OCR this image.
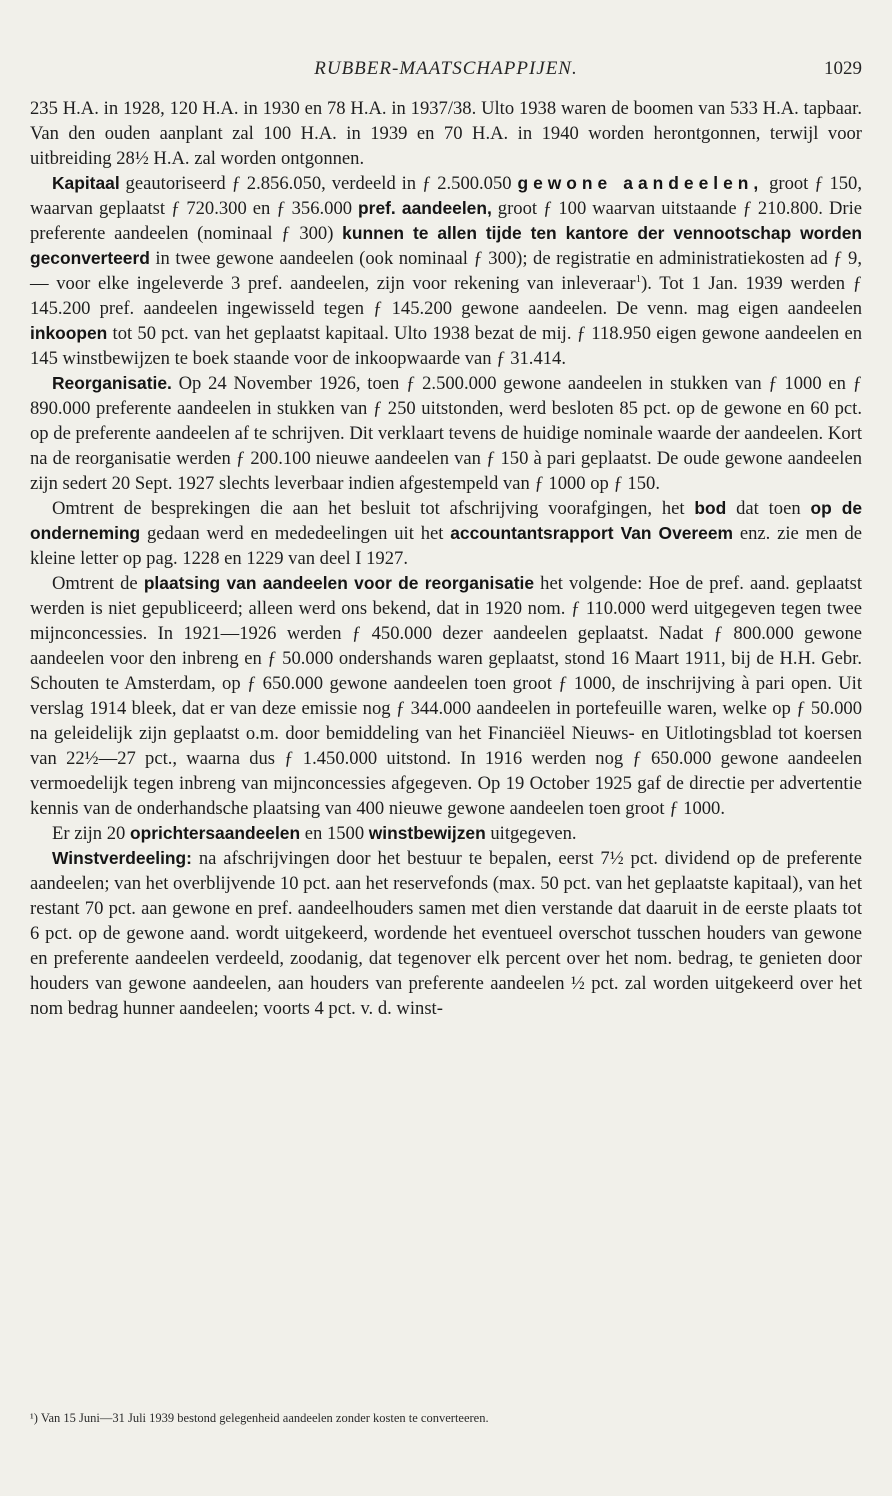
RUBBER-MAATSCHAPPIJEN.	1029

235 H.A. in 1928, 120 H.A. in 1930 en 78 H.A. in 1937/38. Ulto 1938 waren de boomen van 533 H.A. tapbaar. Van den ouden aanplant zal 100 H.A. in 1939 en 70 H.A. in 1940 worden herontgonnen, terwijl voor uitbreiding 28½ H.A. zal worden ontgonnen.

Kapitaal geautoriseerd ƒ 2.856.050, verdeeld in ƒ 2.500.050 gewone aandeelen, groot ƒ 150, waarvan geplaatst ƒ 720.300 en ƒ 356.000 pref. aandeelen, groot ƒ 100 waarvan uitstaande ƒ 210.800. Drie preferente aandeelen (nominaal ƒ 300) kunnen te allen tijde ten kantore der vennootschap worden geconverteerd in twee gewone aandeelen (ook nominaal ƒ 300); de registratie en administratiekosten ad ƒ 9,— voor elke ingeleverde 3 pref. aandeelen, zijn voor rekening van inleveraar$^1$). Tot 1 Jan. 1939 werden ƒ 145.200 pref. aandeelen ingewisseld tegen ƒ 145.200 gewone aandeelen. De venn. mag eigen aandeelen inkoopen tot 50 pct. van het geplaatst kapitaal. Ulto 1938 bezat de mij. ƒ 118.950 eigen gewone aandeelen en 145 winstbewijzen te boek staande voor de inkoopwaarde van ƒ 31.414.

Reorganisatie. Op 24 November 1926, toen ƒ 2.500.000 gewone aandeelen in stukken van ƒ 1000 en ƒ 890.000 preferente aandeelen in stukken van ƒ 250 uitstonden, werd besloten 85 pct. op de gewone en 60 pct. op de preferente aandeelen af te schrijven. Dit verklaart tevens de huidige nominale waarde der aandeelen. Kort na de reorganisatie werden ƒ 200.100 nieuwe aandeelen van ƒ 150 à pari geplaatst. De oude gewone aandeelen zijn sedert 20 Sept. 1927 slechts leverbaar indien afgestempeld van ƒ 1000 op ƒ 150.

Omtrent de besprekingen die aan het besluit tot afschrijving voorafgingen, het bod dat toen op de onderneming gedaan werd en mededeelingen uit het accountantsrapport Van Overeem enz. zie men de kleine letter op pag. 1228 en 1229 van deel I 1927.

Omtrent de plaatsing van aandeelen voor de reorganisatie het volgende: Hoe de pref. aand. geplaatst werden is niet gepubliceerd; alleen werd ons bekend, dat in 1920 nom. ƒ 110.000 werd uitgegeven tegen twee mijnconcessies. In 1921—1926 werden ƒ 450.000 dezer aandeelen geplaatst. Nadat ƒ 800.000 gewone aandeelen voor den inbreng en ƒ 50.000 ondershands waren geplaatst, stond 16 Maart 1911, bij de H.H. Gebr. Schouten te Amsterdam, op ƒ 650.000 gewone aandeelen toen groot ƒ 1000, de inschrijving à pari open. Uit verslag 1914 bleek, dat er van deze emissie nog ƒ 344.000 aandeelen in portefeuille waren, welke op ƒ 50.000 na geleidelijk zijn geplaatst o.m. door bemiddeling van het Financiëel Nieuws- en Uitlotingsblad tot koersen van 22½—27 pct., waarna dus ƒ 1.450.000 uitstond. In 1916 werden nog ƒ 650.000 gewone aandeelen vermoedelijk tegen inbreng van mijnconcessies afgegeven. Op 19 October 1925 gaf de directie per advertentie kennis van de onderhandsche plaatsing van 400 nieuwe gewone aandeelen toen groot ƒ 1000.

Er zijn 20 oprichtersaandeelen en 1500 winstbewijzen uitgegeven.

Winstverdeeling: na afschrijvingen door het bestuur te bepalen, eerst 7½ pct. dividend op de preferente aandeelen; van het overblijvende 10 pct. aan het reservefonds (max. 50 pct. van het geplaatste kapitaal), van het restant 70 pct. aan gewone en pref. aandeelhouders samen met dien verstande dat daaruit in de eerste plaats tot 6 pct. op de gewone aand. wordt uitgekeerd, wordende het eventueel overschot tusschen houders van gewone en preferente aandeelen verdeeld, zoodanig, dat tegenover elk percent over het nom. bedrag, te genieten door houders van gewone aandeelen, aan houders van preferente aandeelen ½ pct. zal worden uitgekeerd over het nom bedrag hunner aandeelen; voorts 4 pct. v. d. winst-

¹) Van 15 Juni—31 Juli 1939 bestond gelegenheid aandeelen zonder kosten te converteeren.
